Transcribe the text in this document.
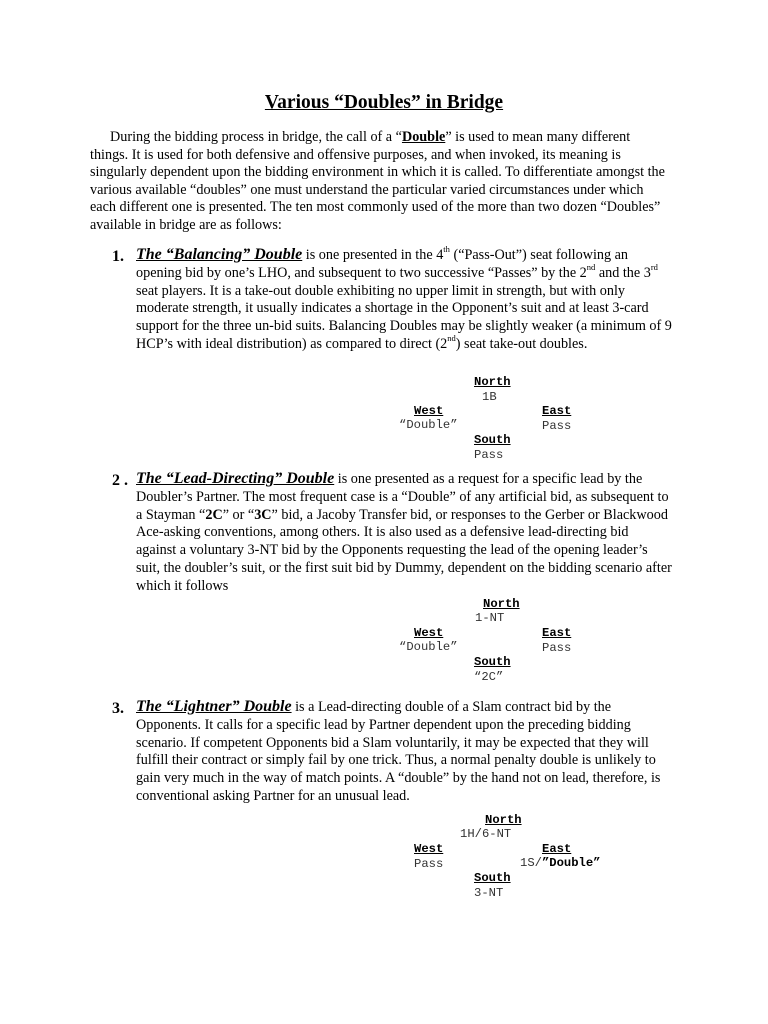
Various “Doubles” in Bridge

During the bidding process in bridge, the call of a “Double” is used to mean many different things. It is used for both defensive and offensive purposes, and when invoked, its meaning is singularly dependent upon the bidding environment in which it is called. To differentiate amongst the various available “doubles” one must understand the particular varied circumstances under which each different one is presented. The ten most commonly used of the more than two dozen “Doubles” available in bridge are as follows:

1. The “Balancing” Double is one presented in the 4th (“Pass-Out”) seat following an opening bid by one’s LHO, and subsequent to two successive “Passes” by the 2nd and the 3rd seat players. It is a take-out double exhibiting no upper limit in strength, but with only moderate strength, it usually indicates a shortage in the Opponent’s suit and at least 3-card support for the three un-bid suits. Balancing Doubles may be slightly weaker (a minimum of 9 HCP’s with ideal distribution) as compared to direct (2nd) seat take-out doubles.
North
1B
West
“Double”
East
Pass
South
Pass
2 . The “Lead-Directing” Double is one presented as a request for a specific lead by the Doubler’s Partner. The most frequent case is a “Double” of any artificial bid, as subsequent to a Stayman “2C” or “3C” bid, a Jacoby Transfer bid, or responses to the Gerber or Blackwood Ace-asking conventions, among others. It is also used as a defensive lead-directing bid against a voluntary 3-NT bid by the Opponents requesting the lead of the opening leader’s suit, the doubler’s suit, or the first suit bid by Dummy, dependent on the bidding scenario after which it follows
North
1-NT
West
“Double”
East
Pass
South
“2C”
3. The “Lightner” Double is a Lead-directing double of a Slam contract bid by the Opponents. It calls for a specific lead by Partner dependent upon the preceding bidding scenario. If competent Opponents bid a Slam voluntarily, it may be expected that they will fulfill their contract or simply fail by one trick. Thus, a normal penalty double is unlikely to gain very much in the way of match points. A “double” by the hand not on lead, therefore, is conventional asking Partner for an unusual lead.
North
1H/6-NT
West
Pass
East
1S/”Double”
South
3-NT
